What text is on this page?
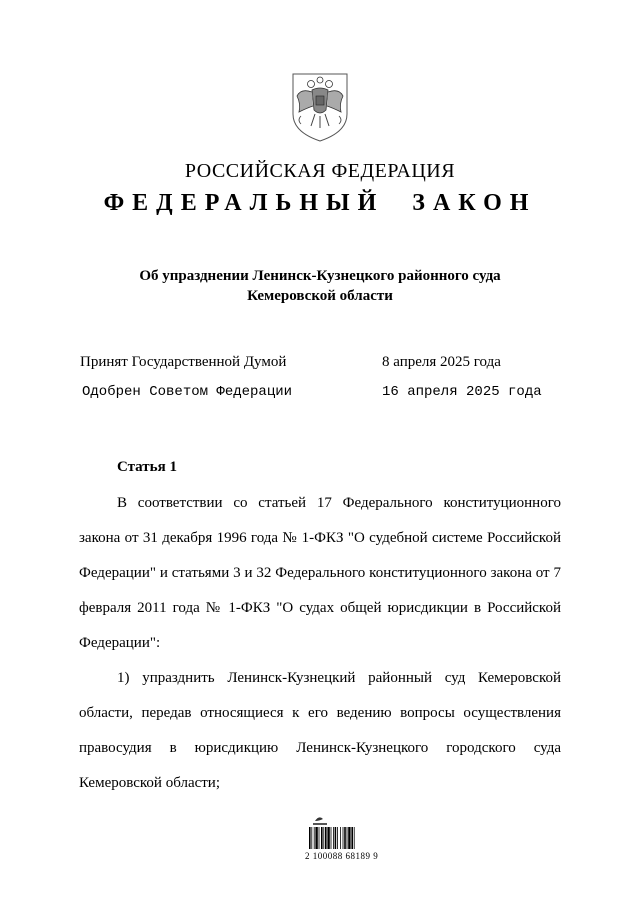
РОССИЙСКАЯ ФЕДЕРАЦИЯ
ФЕДЕРАЛЬНЫЙ ЗАКОН
Об упразднении Ленинск-Кузнецкого районного суда
Кемеровской области
Принят Государственной Думой	8 апреля 2025 года
Одобрен Советом Федерации	16 апреля 2025 года
Статья 1

В соответствии со статьей 17 Федерального конституционного закона от 31 декабря 1996 года № 1-ФКЗ "О судебной системе Российской Федерации" и статьями 3 и 32 Федерального конституционного закона от 7 февраля 2011 года № 1-ФКЗ "О судах общей юрисдикции в Российской Федерации":

1) упразднить Ленинск-Кузнецкий районный суд Кемеровской области, передав относящиеся к его ведению вопросы осуществления правосудия в юрисдикцию Ленинск-Кузнецкого городского суда Кемеровской области;

2 100088 68189 9
